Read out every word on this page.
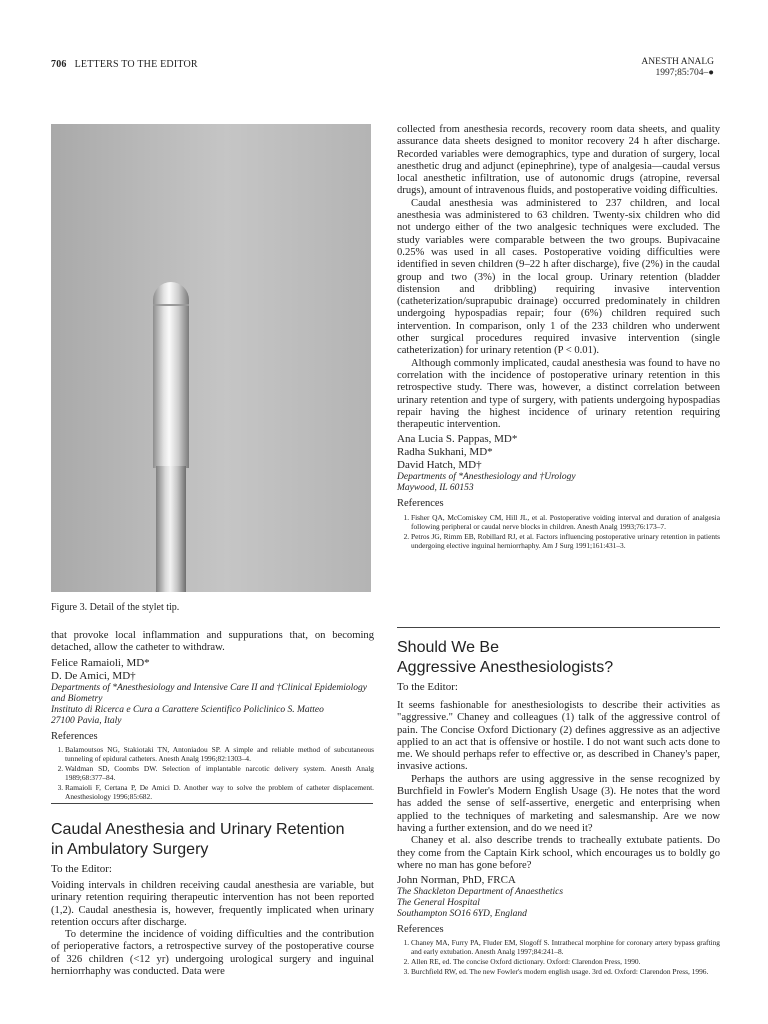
706 LETTERS TO THE EDITOR	ANESTH ANALG
1997;85:704–●
Figure 3. Detail of the stylet tip.

collected from anesthesia records, recovery room data sheets, and quality assurance data sheets designed to monitor recovery 24 h after discharge. Recorded variables were demographics, type and duration of surgery, local anesthetic drug and adjunct (epinephrine), type of analgesia—caudal versus local anesthetic infiltration, use of autonomic drugs (atropine, reversal drugs), amount of intravenous fluids, and postoperative voiding difficulties.

Caudal anesthesia was administered to 237 children, and local anesthesia was administered to 63 children. Twenty-six children who did not undergo either of the two analgesic techniques were excluded. The study variables were comparable between the two groups. Bupivacaine 0.25% was used in all cases. Postoperative voiding difficulties were identified in seven children (9–22 h after discharge), five (2%) in the caudal group and two (3%) in the local group. Urinary retention (bladder distension and dribbling) requiring invasive intervention (catheterization/suprapubic drainage) occurred predominately in children undergoing hypospadias repair; four (6%) children required such intervention. In comparison, only 1 of the 233 children who underwent other surgical procedures required invasive intervention (single catheterization) for urinary retention (P < 0.01).

Although commonly implicated, caudal anesthesia was found to have no correlation with the incidence of postoperative urinary retention in this retrospective study. There was, however, a distinct correlation between urinary retention and type of surgery, with patients undergoing hypospadias repair having the highest incidence of urinary retention requiring therapeutic intervention.

Ana Lucia S. Pappas, MD*
Radha Sukhani, MD*
David Hatch, MD†
Departments of *Anesthesiology and †Urology
Maywood, IL 60153
References
1. Fisher QA, McComiskey CM, Hill JL, et al. Postoperative voiding interval and duration of analgesia following peripheral or caudal nerve blocks in children. Anesth Analg 1993;76:173–7.
2. Petros JG, Rimm EB, Robillard RJ, et al. Factors influencing postoperative urinary retention in patients undergoing elective inguinal herniorrhaphy. Am J Surg 1991;161:431–3.

that provoke local inflammation and suppurations that, on becoming detached, allow the catheter to withdraw.

Felice Ramaioli, MD*
D. De Amici, MD†
Departments of *Anesthesiology and Intensive Care II and †Clinical Epidemiology and Biometry
Instituto di Ricerca e Cura a Carattere Scientifico Policlinico S. Matteo
27100 Pavia, Italy
References
1. Balamoutsos NG, Stakiotaki TN, Antoniadou SP. A simple and reliable method of subcutaneous tunneling of epidural catheters. Anesth Analg 1996;82:1303–4.
2. Waldman SD, Coombs DW. Selection of implantable narcotic delivery system. Anesth Analg 1989;68:377–84.
3. Ramaioli F, Certana P, De Amici D. Another way to solve the problem of catheter displacement. Anesthesiology 1996;85:682.
Caudal Anesthesia and Urinary Retention
in Ambulatory Surgery
To the Editor:

Voiding intervals in children receiving caudal anesthesia are variable, but urinary retention requiring therapeutic intervention has not been reported (1,2). Caudal anesthesia is, however, frequently implicated when urinary retention occurs after discharge.

To determine the incidence of voiding difficulties and the contribution of perioperative factors, a retrospective survey of the postoperative course of 326 children (<12 yr) undergoing urological surgery and inguinal herniorrhaphy was conducted. Data were

Should We Be
Aggressive Anesthesiologists?
To the Editor:

It seems fashionable for anesthesiologists to describe their activities as "aggressive." Chaney and colleagues (1) talk of the aggressive control of pain. The Concise Oxford Dictionary (2) defines aggressive as an adjective applied to an act that is offensive or hostile. I do not want such acts done to me. We should perhaps refer to effective or, as described in Chaney's paper, invasive actions.

Perhaps the authors are using aggressive in the sense recognized by Burchfield in Fowler's Modern English Usage (3). He notes that the word has added the sense of self-assertive, energetic and enterprising when applied to the techniques of marketing and salesmanship. Are we now having a further extension, and do we need it?

Chaney et al. also describe trends to tracheally extubate patients. Do they come from the Captain Kirk school, which encourages us to boldly go where no man has gone before?

John Norman, PhD, FRCA
The Shackleton Department of Anaesthetics
The General Hospital
Southampton SO16 6YD, England
References
1. Chaney MA, Furry PA, Fluder EM, Slogoff S. Intrathecal morphine for coronary artery bypass grafting and early extubation. Anesth Analg 1997;84:241–8.
2. Allen RE, ed. The concise Oxford dictionary. Oxford: Clarendon Press, 1990.
3. Burchfield RW, ed. The new Fowler's modern english usage. 3rd ed. Oxford: Clarendon Press, 1996.
